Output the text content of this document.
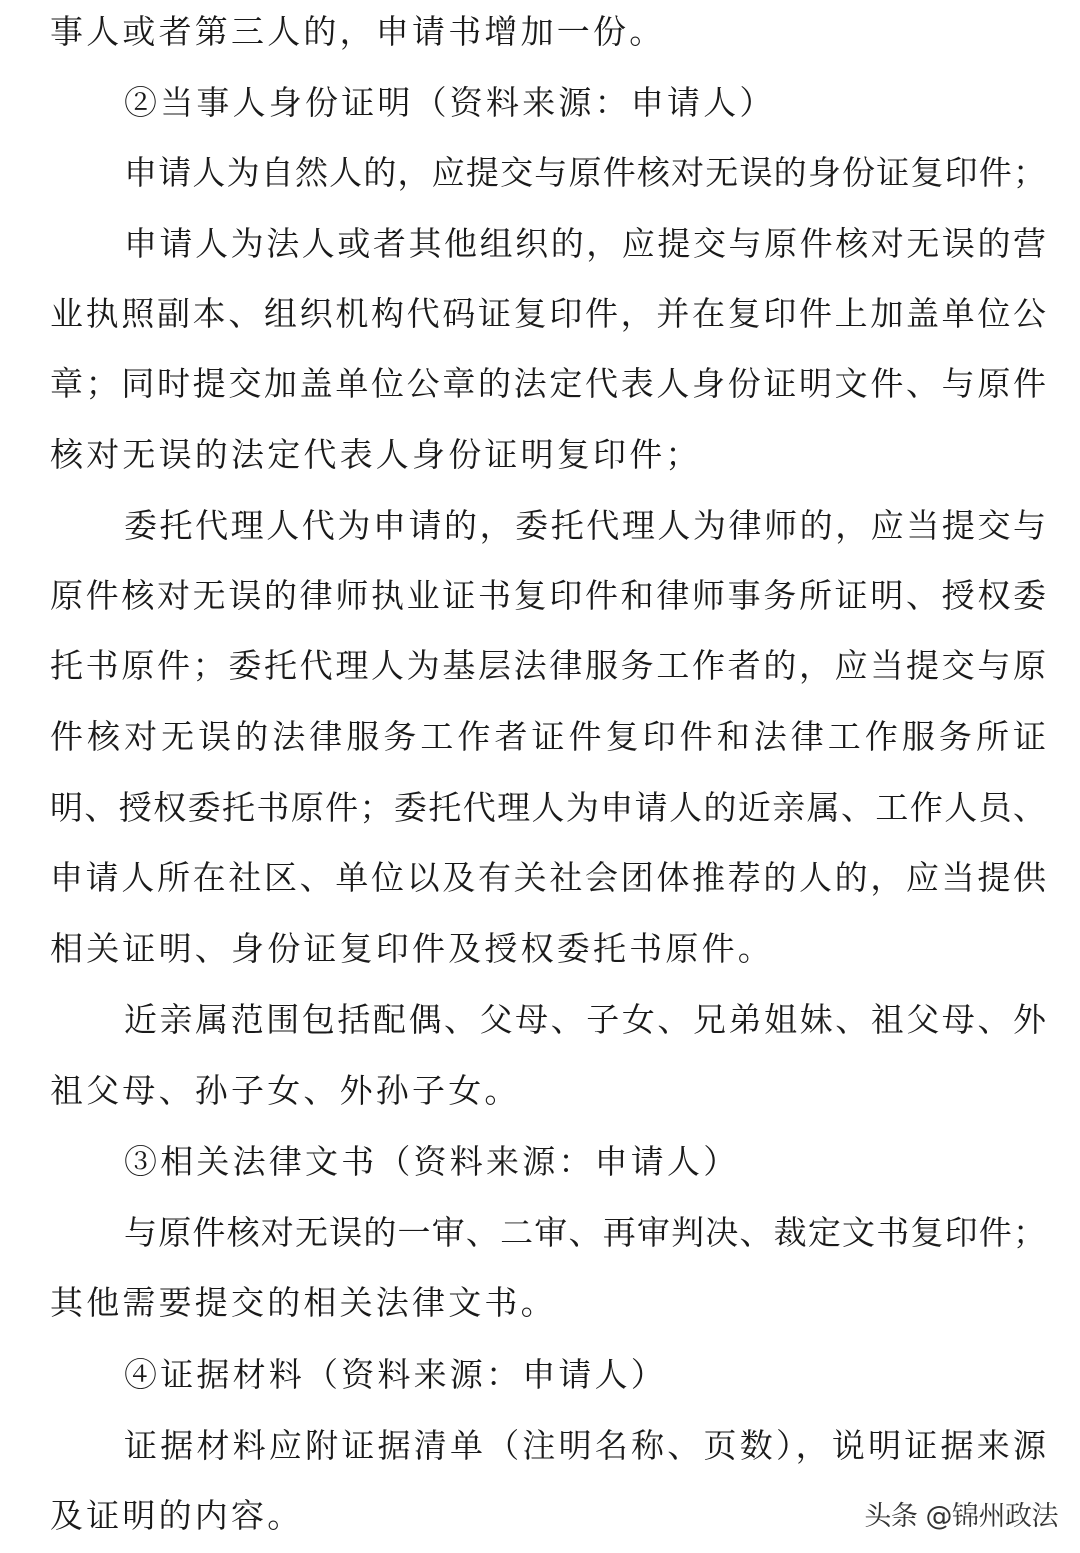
事人或者第三人的，申请书增加一份。
②当事人身份证明（资料来源：申请人）
申请人为自然人的，应提交与原件核对无误的身份证复印件；
申请人为法人或者其他组织的，应提交与原件核对无误的营
业执照副本、组织机构代码证复印件，并在复印件上加盖单位公
章；同时提交加盖单位公章的法定代表人身份证明文件、与原件
核对无误的法定代表人身份证明复印件；
委托代理人代为申请的，委托代理人为律师的，应当提交与
原件核对无误的律师执业证书复印件和律师事务所证明、授权委
托书原件；委托代理人为基层法律服务工作者的，应当提交与原
件核对无误的法律服务工作者证件复印件和法律工作服务所证
明、授权委托书原件；委托代理人为申请人的近亲属、工作人员、
申请人所在社区、单位以及有关社会团体推荐的人的，应当提供
相关证明、身份证复印件及授权委托书原件。
近亲属范围包括配偶、父母、子女、兄弟姐妹、祖父母、外
祖父母、孙子女、外孙子女。
③相关法律文书（资料来源：申请人）
与原件核对无误的一审、二审、再审判决、裁定文书复印件；
其他需要提交的相关法律文书。
④证据材料（资料来源：申请人）
证据材料应附证据清单（注明名称、页数），说明证据来源
及证明的内容。	头条 @锦州政法
